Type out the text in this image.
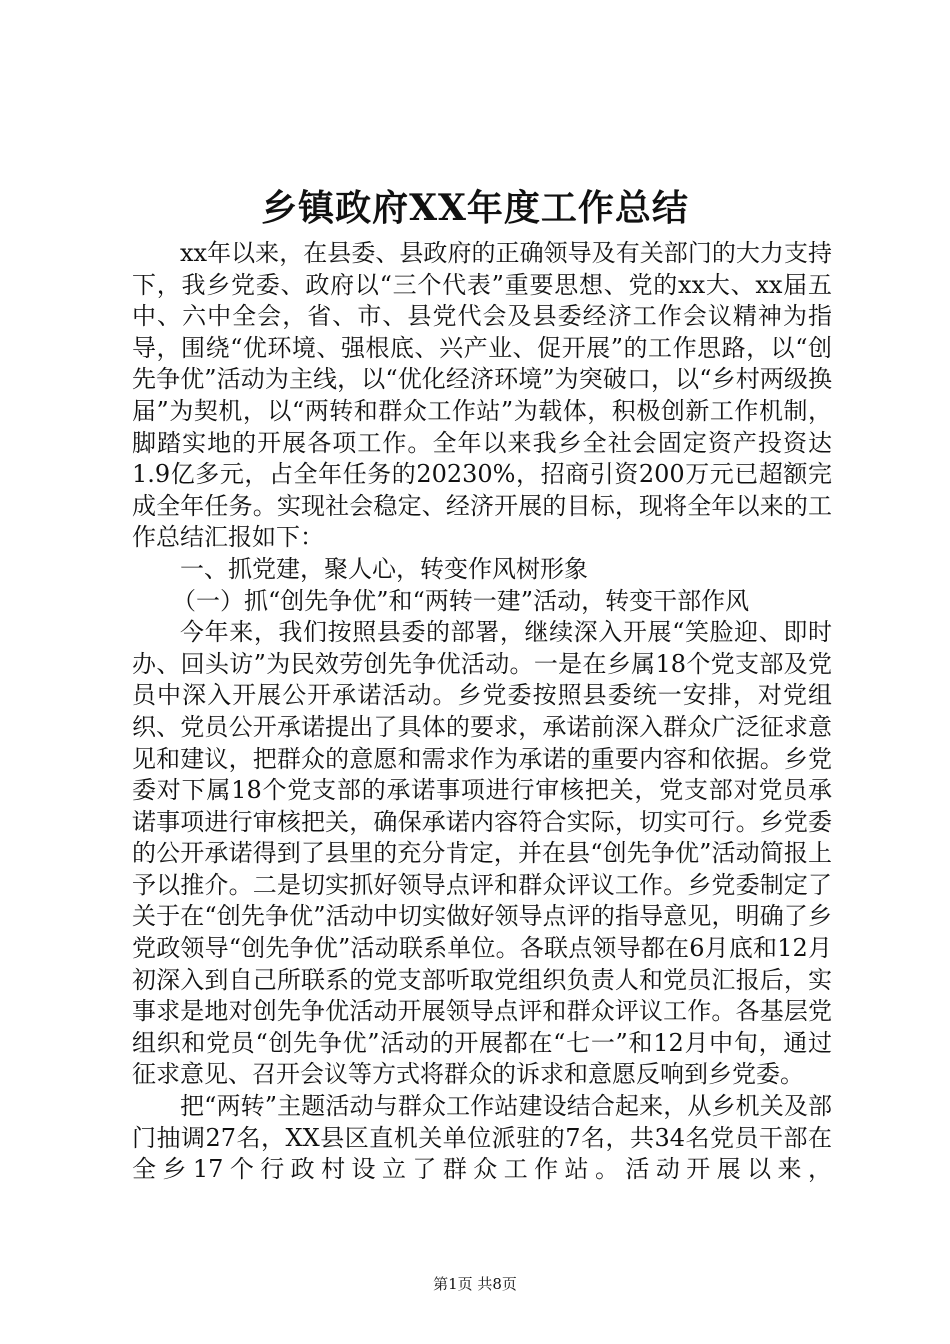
乡镇政府XX年度工作总结

xx年以来，在县委、县政府的正确领导及有关部门的大力支持下，我乡党委、政府以“三个代表”重要思想、党的xx大、xx届五中、六中全会，省、市、县党代会及县委经济工作会议精神为指导，围绕“优环境、强根底、兴产业、促开展”的工作思路，以“创先争优”活动为主线，以“优化经济环境”为突破口，以“乡村两级换届”为契机，以“两转和群众工作站”为载体，积极创新工作机制，脚踏实地的开展各项工作。全年以来我乡全社会固定资产投资达1.9亿多元，占全年任务的20230%，招商引资200万元已超额完成全年任务。实现社会稳定、经济开展的目标，现将全年以来的工作总结汇报如下：

一、抓党建，聚人心，转变作风树形象

（一）抓“创先争优”和“两转一建”活动，转变干部作风

今年来，我们按照县委的部署，继续深入开展“笑脸迎、即时办、回头访”为民效劳创先争优活动。一是在乡属18个党支部及党员中深入开展公开承诺活动。乡党委按照县委统一安排，对党组织、党员公开承诺提出了具体的要求，承诺前深入群众广泛征求意见和建议，把群众的意愿和需求作为承诺的重要内容和依据。乡党委对下属18个党支部的承诺事项进行审核把关，党支部对党员承诺事项进行审核把关，确保承诺内容符合实际，切实可行。乡党委的公开承诺得到了县里的充分肯定，并在县“创先争优”活动简报上予以推介。二是切实抓好领导点评和群众评议工作。乡党委制定了关于在“创先争优”活动中切实做好领导点评的指导意见，明确了乡党政领导“创先争优”活动联系单位。各联点领导都在6月底和12月初深入到自己所联系的党支部听取党组织负责人和党员汇报后，实事求是地对创先争优活动开展领导点评和群众评议工作。各基层党组织和党员“创先争优”活动的开展都在“七一”和12月中旬，通过征求意见、召开会议等方式将群众的诉求和意愿反响到乡党委。

把“两转”主题活动与群众工作站建设结合起来，从乡机关及部门抽调27名，XX县区直机关单位派驻的7名，共34名党员干部在全乡17个行政村设立了群众工作站。活动开展以来，

第1页 共8页
